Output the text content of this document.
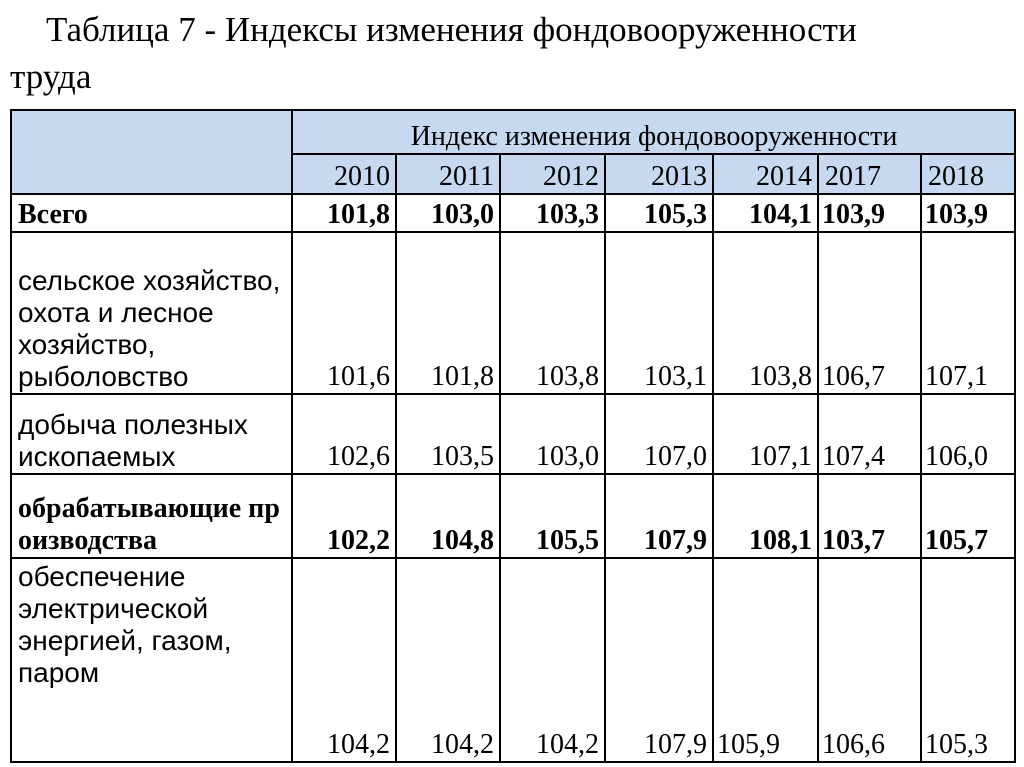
Таблица 7 - Индексы изменения фондовооруженности
труда
	Индекс изменения фондовооруженности						
	2010	2011	2012	2013	2014	2017	2018
Всего	101,8	103,0	103,3	105,3	104,1	103,9	103,9
сельское хозяйство, охота и лесное хозяйство, рыболовство	101,6	101,8	103,8	103,1	103,8	106,7	107,1
добыча полезных ископаемых	102,6	103,5	103,0	107,0	107,1	107,4	106,0
обрабатывающие производства	102,2	104,8	105,5	107,9	108,1	103,7	105,7
обеспечение электрической энергией, газом, паром	104,2	104,2	104,2	107,9	105,9	106,6	105,3
